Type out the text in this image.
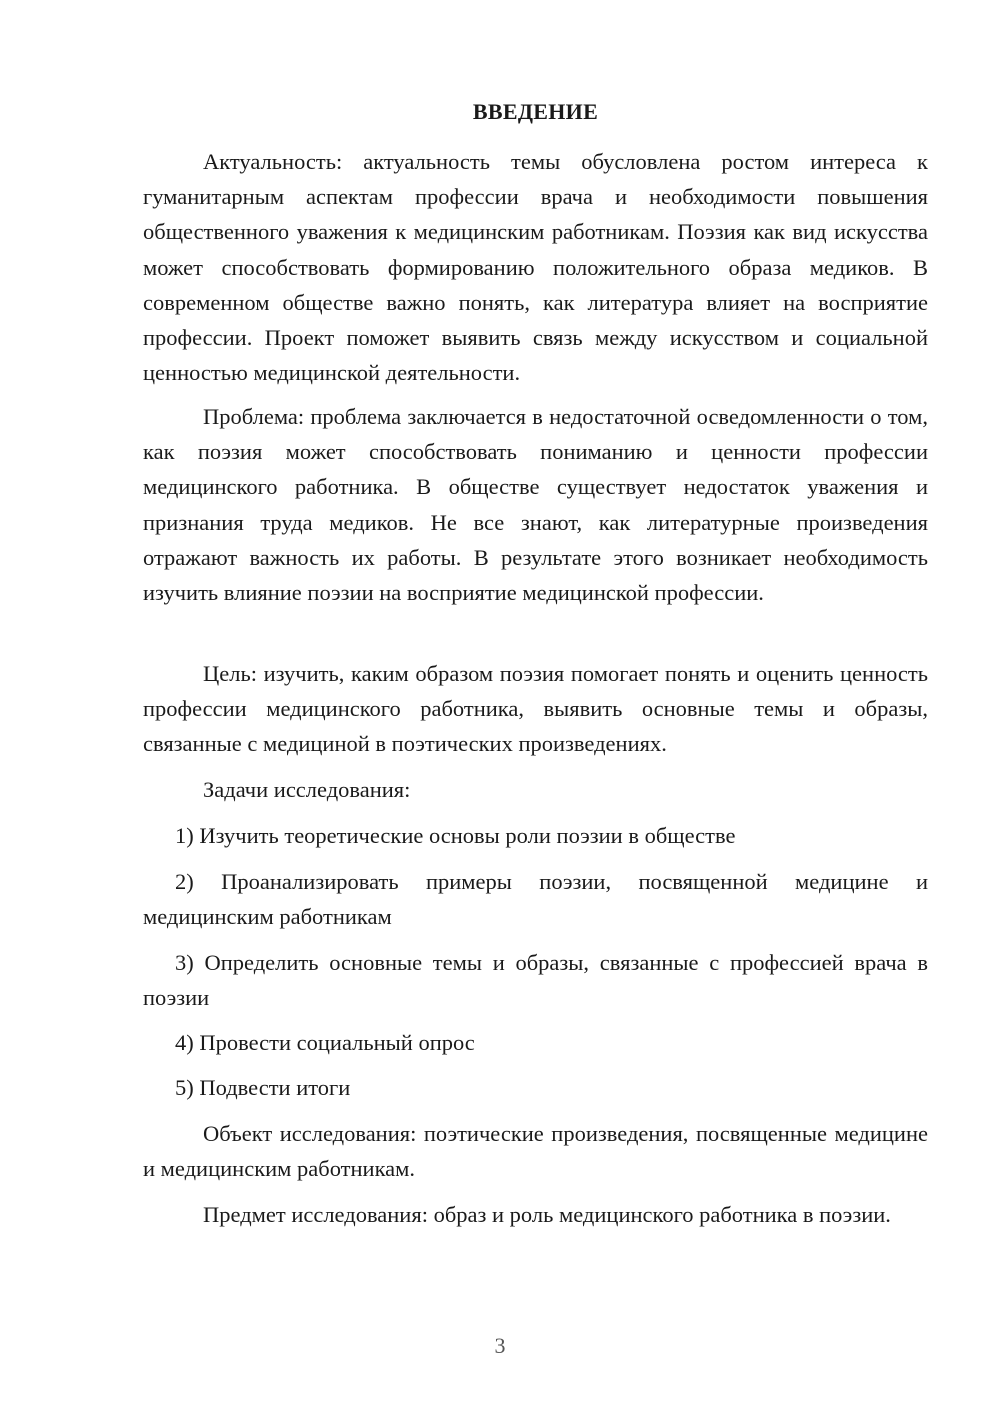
ВВЕДЕНИЕ

Актуальность: актуальность темы обусловлена ростом интереса к гуманитарным аспектам профессии врача и необходимости повышения общественного уважения к медицинским работникам. Поэзия как вид искусства может способствовать формированию положительного образа медиков. В современном обществе важно понять, как литература влияет на восприятие профессии. Проект поможет выявить связь между искусством и социальной ценностью медицинской деятельности.

Проблема: проблема заключается в недостаточной осведомленности о том, как поэзия может способствовать пониманию и ценности профессии медицинского работника. В обществе существует недостаток уважения и признания труда медиков. Не все знают, как литературные произведения отражают важность их работы. В результате этого возникает необходимость изучить влияние поэзии на восприятие медицинской профессии.

Цель: изучить, каким образом поэзия помогает понять и оценить ценность профессии медицинского работника, выявить основные темы и образы, связанные с медициной в поэтических произведениях.

Задачи исследования:

1) Изучить теоретические основы роли поэзии в обществе

2) Проанализировать примеры поэзии, посвященной медицине и медицинским работникам

3) Определить основные темы и образы, связанные с профессией врача в поэзии

4) Провести социальный опрос

5) Подвести итоги

Объект исследования: поэтические произведения, посвященные медицине и медицинским работникам.

Предмет исследования: образ и роль медицинского работника в поэзии.

3
